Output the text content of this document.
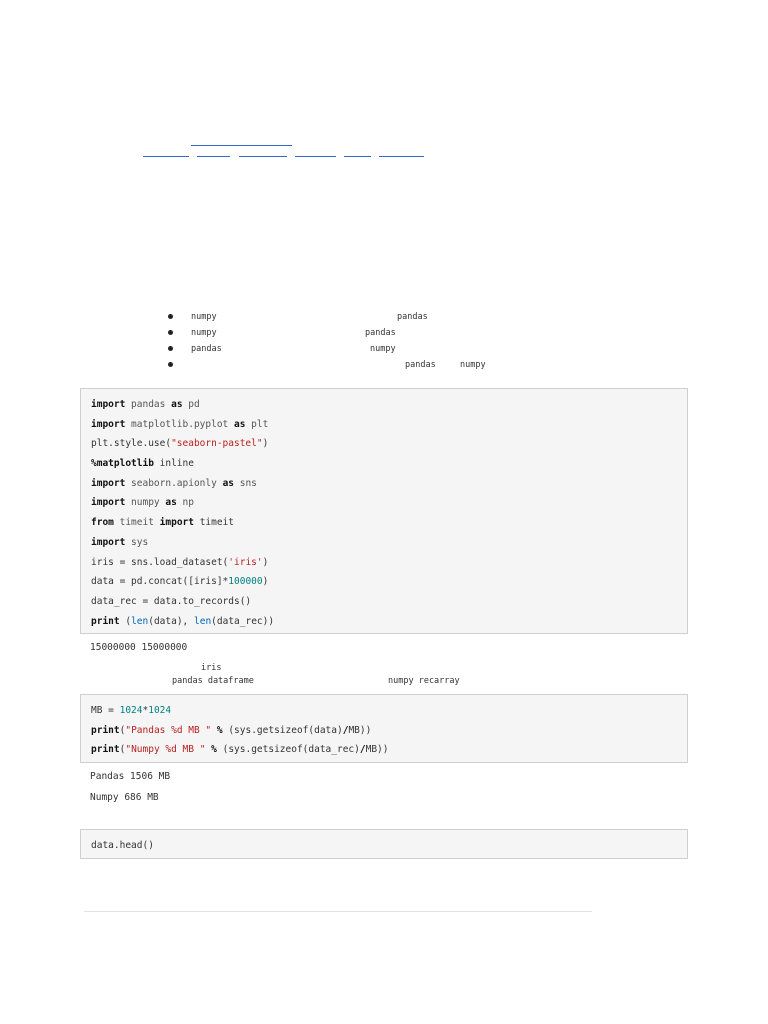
numpy	pandas
numpy	pandas
pandas	numpy
pandas	numpy
import pandas as pd
import matplotlib.pyplot as plt
plt.style.use("seaborn-pastel")
%matplotlib inline
import seaborn.apionly as sns
import numpy as np
from timeit import timeit
import sys
iris = sns.load_dataset('iris')
data = pd.concat([iris]*100000)
data_rec = data.to_records()
print (len(data), len(data_rec))
15000000 15000000
iris
pandas dataframe	numpy recarray
MB = 1024*1024
print("Pandas %d MB " % (sys.getsizeof(data)/MB))
print("Numpy %d MB " % (sys.getsizeof(data_rec)/MB))
Pandas 1506 MB
Numpy 686 MB
data.head()
